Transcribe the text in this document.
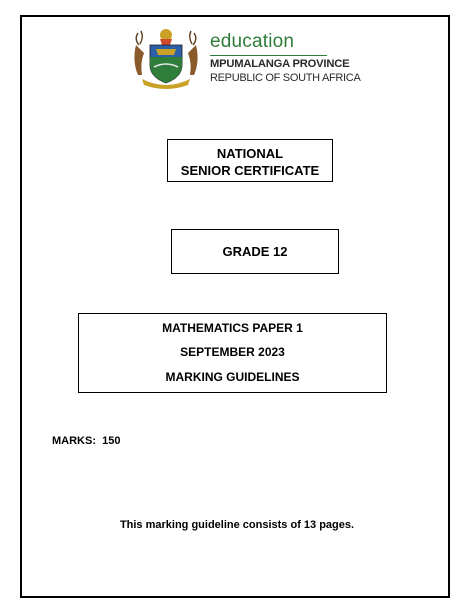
education
MPUMALANGA PROVINCE
REPUBLIC OF SOUTH AFRICA
NATIONAL
SENIOR CERTIFICATE
GRADE 12
MATHEMATICS PAPER 1
SEPTEMBER 2023
MARKING GUIDELINES
MARKS: 150
This marking guideline consists of 13 pages.
